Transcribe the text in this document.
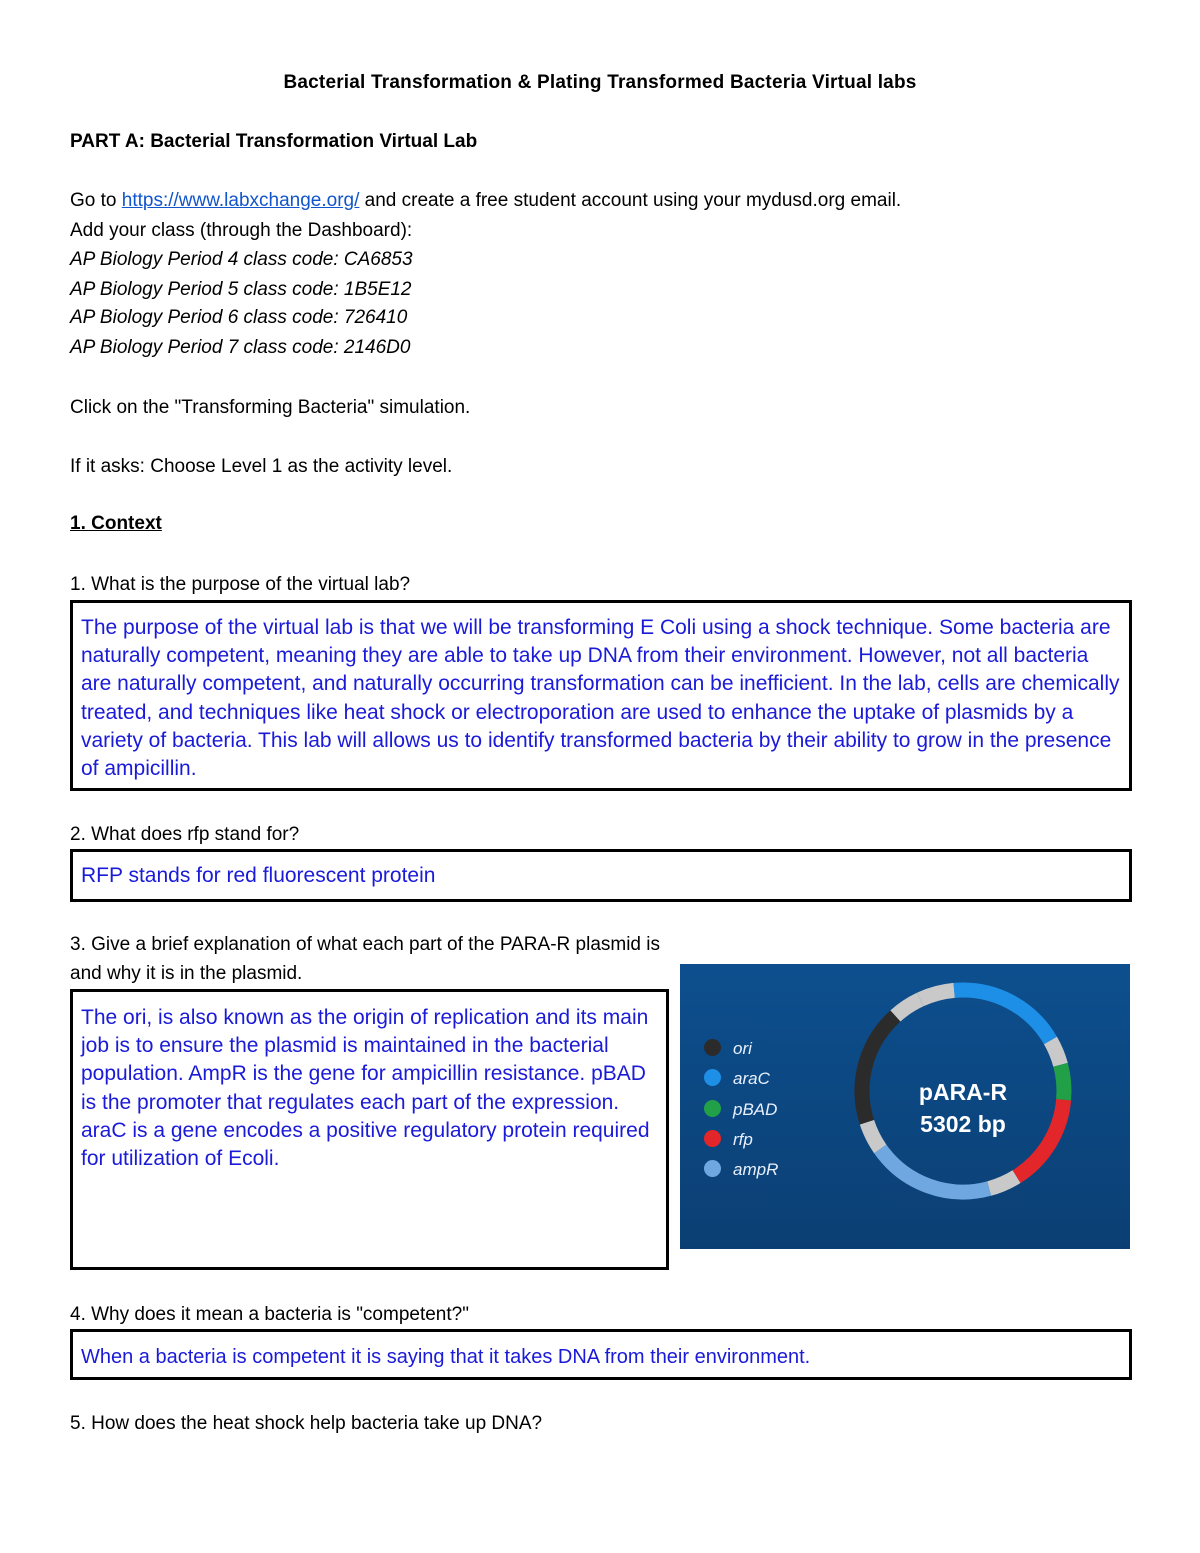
Bacterial Transformation & Plating Transformed Bacteria Virtual labs
PART A: Bacterial Transformation Virtual Lab
Go to https://www.labxchange.org/ and create a free student account using your mydusd.org email.
Add your class (through the Dashboard):
AP Biology Period 4 class code: CA6853
AP Biology Period 5 class code: 1B5E12
AP Biology Period 6 class code: 726410
AP Biology Period 7 class code: 2146D0
Click on the "Transforming Bacteria" simulation.
If it asks: Choose Level 1 as the activity level.
1. Context
1. What is the purpose of the virtual lab?
The purpose of the virtual lab is that we will be transforming E Coli using a shock technique. Some bacteria are naturally competent, meaning they are able to take up DNA from their environment. However, not all bacteria are naturally competent, and naturally occurring transformation can be inefficient. In the lab, cells are chemically treated, and techniques like heat shock or electroporation are used to enhance the uptake of plasmids by a variety of bacteria. This lab will allows us to identify transformed bacteria by their ability to grow in the presence of ampicillin.
2. What does rfp stand for?
RFP stands for red fluorescent protein
3. Give a brief explanation of what each part of the PARA-R plasmid is and why it is in the plasmid.
The ori, is also known as the origin of replication and its main job is to ensure the plasmid is maintained in the bacterial population. AmpR is the gene for ampicillin resistance. pBAD is the promoter that regulates each part of the expression. araC is a gene encodes a positive regulatory protein required for utilization of Ecoli.
ori
araC
pBAD
rfp
ampR
pARA-R
5302 bp
4. Why does it mean a bacteria is "competent?"
When a bacteria is competent it is saying that it takes DNA from their environment.
5. How does the heat shock help bacteria take up DNA?
